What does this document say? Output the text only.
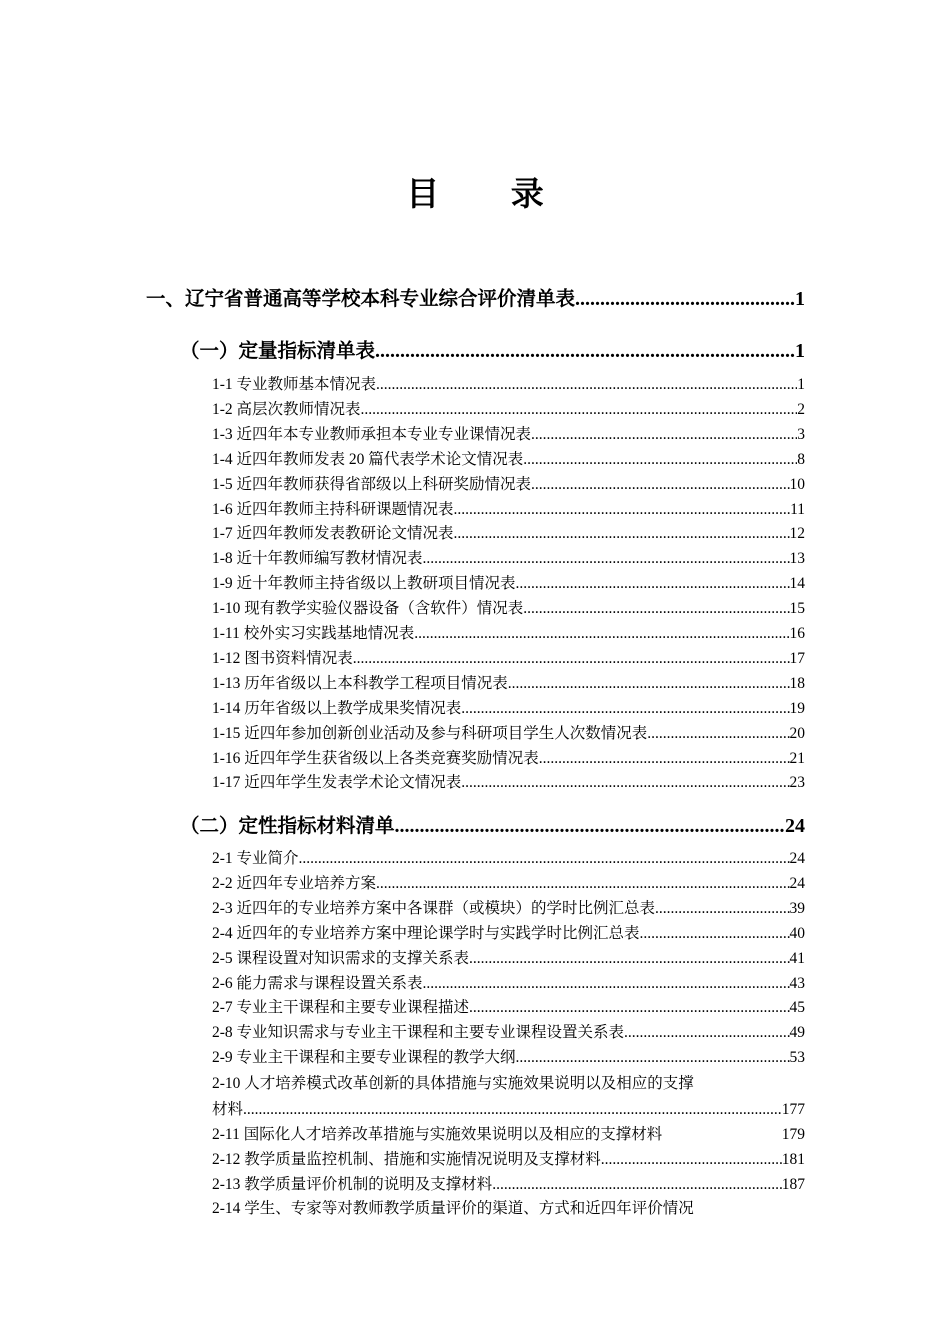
目 录
一、辽宁省普通高等学校本科专业综合评价清单表 .....	1
（一）定量指标清单表 .....	1
1-1 专业教师基本情况表 .....	1
1-2 高层次教师情况表 .....	2
1-3 近四年本专业教师承担本专业专业课情况表 .....	3
1-4 近四年教师发表 20 篇代表学术论文情况表 .....	8
1-5 近四年教师获得省部级以上科研奖励情况表 .....	10
1-6 近四年教师主持科研课题情况表 .....	11
1-7 近四年教师发表教研论文情况表 .....	12
1-8 近十年教师编写教材情况表 .....	13
1-9 近十年教师主持省级以上教研项目情况表 .....	14
1-10 现有教学实验仪器设备（含软件）情况表 .....	15
1-11 校外实习实践基地情况表 .....	16
1-12 图书资料情况表 .....	17
1-13 历年省级以上本科教学工程项目情况表 .....	18
1-14 历年省级以上教学成果奖情况表 .....	19
1-15 近四年参加创新创业活动及参与科研项目学生人次数情况表 .....	20
1-16 近四年学生获省级以上各类竞赛奖励情况表 .....	21
1-17 近四年学生发表学术论文情况表 .....	23
（二）定性指标材料清单 .....	24
2-1 专业简介 .....	24
2-2 近四年专业培养方案 .....	24
2-3 近四年的专业培养方案中各课群（或模块）的学时比例汇总表 .....	39
2-4 近四年的专业培养方案中理论课学时与实践学时比例汇总表 .....	40
2-5 课程设置对知识需求的支撑关系表 .....	41
2-6 能力需求与课程设置关系表 .....	43
2-7 专业主干课程和主要专业课程描述 .....	45
2-8 专业知识需求与专业主干课程和主要专业课程设置关系表 .....	49
2-9 专业主干课程和主要专业课程的教学大纲 .....	53
2-10 人才培养模式改革创新的具体措施与实施效果说明以及相应的支撑
材料 .....	177
2-11 国际化人才培养改革措施与实施效果说明以及相应的支撑材料	179
2-12 教学质量监控机制、措施和实施情况说明及支撑材料 .....	181
2-13 教学质量评价机制的说明及支撑材料 .....	187
2-14 学生、专家等对教师教学质量评价的渠道、方式和近四年评价情况
